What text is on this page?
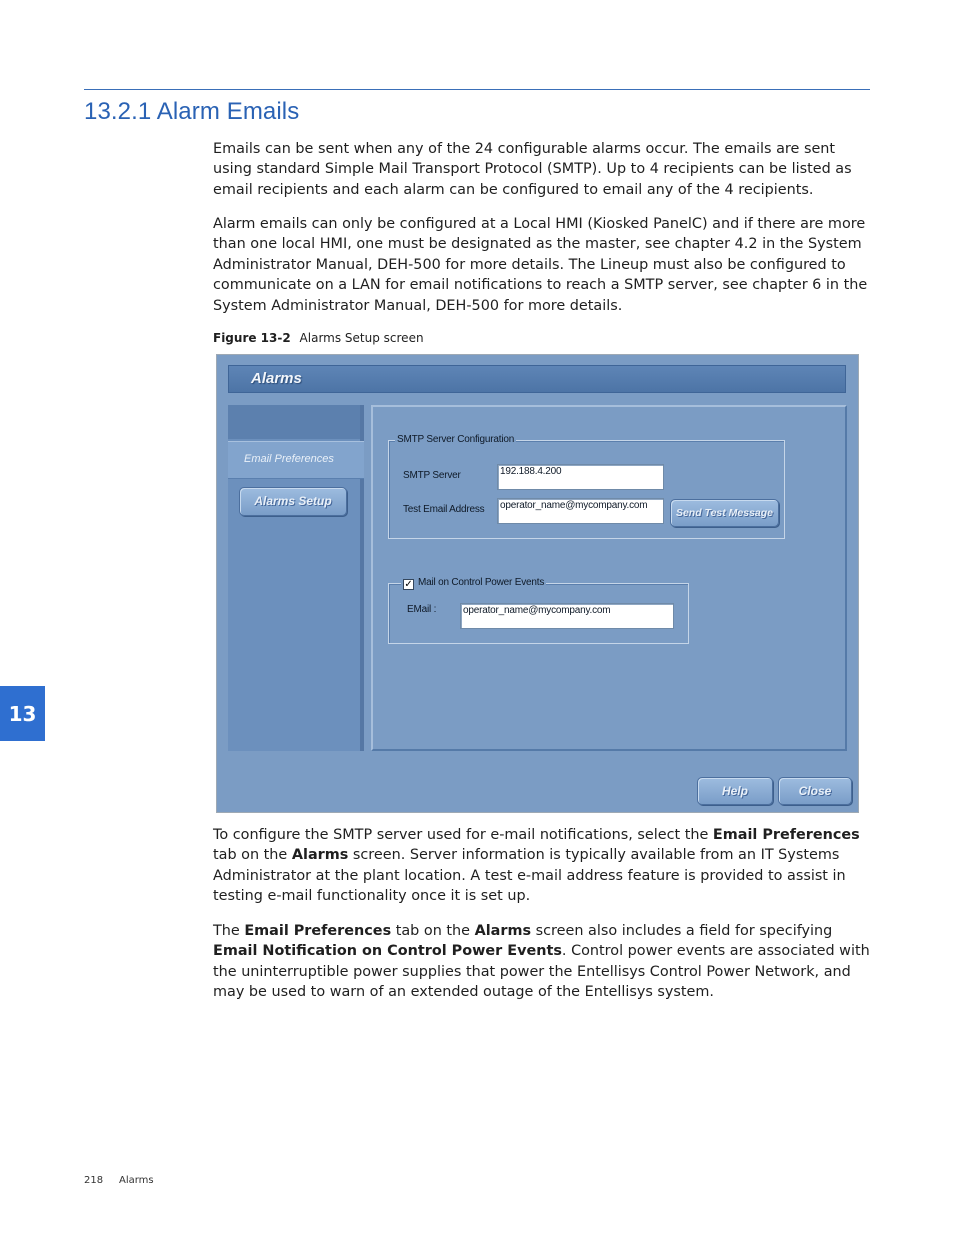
13.2.1 Alarm Emails

Emails can be sent when any of the 24 configurable alarms occur. The emails are sent using standard Simple Mail Transport Protocol (SMTP). Up to 4 recipients can be listed as email recipients and each alarm can be configured to email any of the 4 recipients.

Alarm emails can only be configured at a Local HMI (Kiosked PanelC) and if there are more than one local HMI, one must be designated as the master, see chapter 4.2 in the System Administrator Manual, DEH-500 for more details. The Lineup must also be configured to communicate on a LAN for email notifications to reach a SMTP server, see chapter 6 in the System Administrator Manual, DEH-500 for more details.

Figure 13-2 Alarms Setup screen
Alarms
Email Preferences
Alarms Setup
SMTP Server Configuration
SMTP Server	192.188.4.200
Test Email Address	operator_name@mycompany.com
Send Test Message
✓ Mail on Control Power Events
EMail :	operator_name@mycompany.com
Help	Close

To configure the SMTP server used for e-mail notifications, select the Email Preferences tab on the Alarms screen. Server information is typically available from an IT Systems Administrator at the plant location. A test e-mail address feature is provided to assist in testing e-mail functionality once it is set up.

The Email Preferences tab on the Alarms screen also includes a field for specifying Email Notification on Control Power Events. Control power events are associated with the uninterruptible power supplies that power the Entellisys Control Power Network, and may be used to warn of an extended outage of the Entellisys system.

13
218 Alarms
